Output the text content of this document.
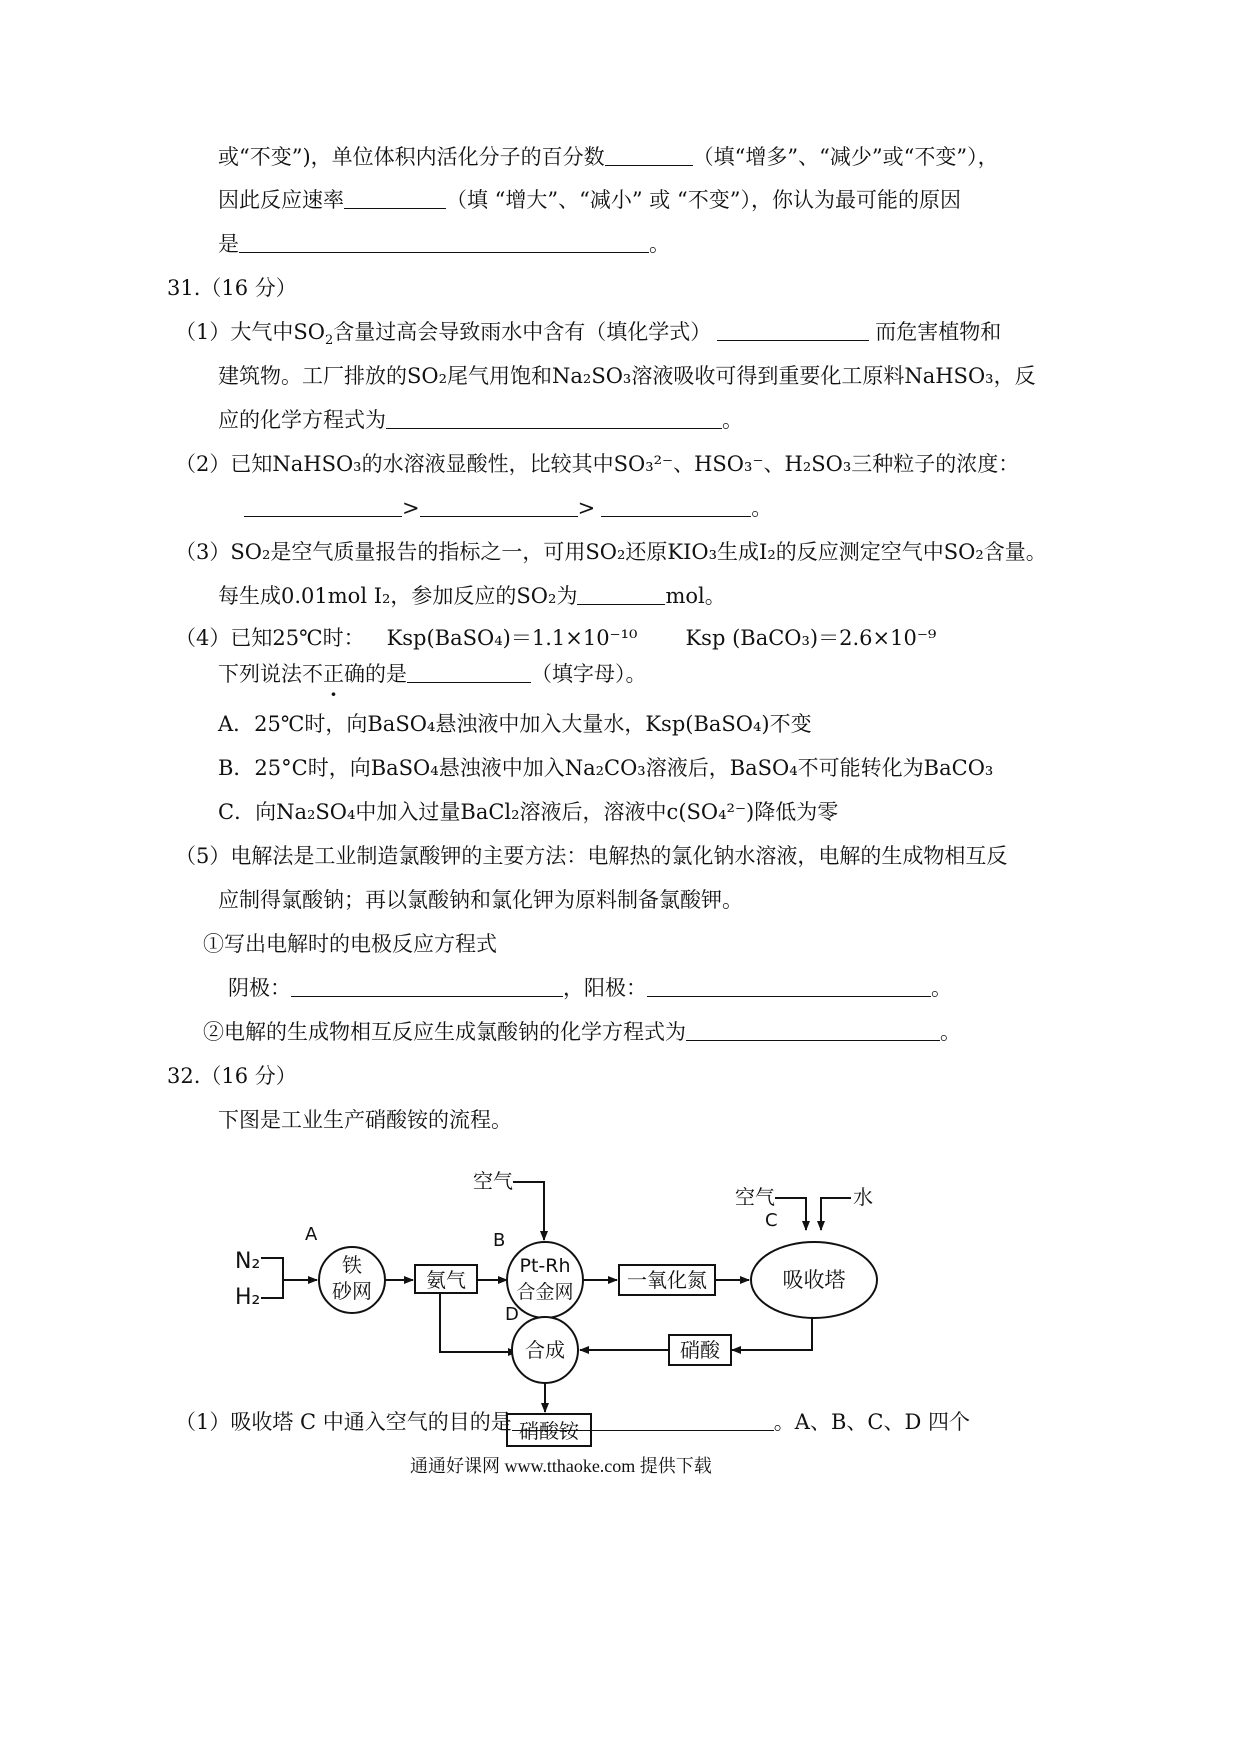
或“不变”)，单位体积内活化分子的百分数	（填“增多”、“减少”或“不变”），
因此反应速率	（填 “增大”、“减小” 或 “不变”），你认为最可能的原因
是	。
31.（16 分）
（1）大气中$SO_2$含量过高会导致雨水中含有（填化学式）	而危害植物和
建筑物。工厂排放的SO₂尾气用饱和Na₂SO₃溶液吸收可得到重要化工原料NaHSO₃，反
应的化学方程式为	。
（2）已知NaHSO₃的水溶液显酸性，比较其中SO₃²⁻、HSO₃⁻、H₂SO₃三种粒子的浓度：
>	>	。
（3）SO₂是空气质量报告的指标之一，可用SO₂还原KIO₃生成I₂的反应测定空气中SO₂含量。
每生成0.01mol I₂，参加反应的SO₂为	mol。
（4）已知25℃时： Ksp(BaSO₄)＝1.1×10⁻¹⁰ Ksp (BaCO₃)＝2.6×10⁻⁹
下列说法不正确的是	（填字母）。
A．25℃时，向BaSO₄悬浊液中加入大量水，Ksp(BaSO₄)不变
B．25°C时，向BaSO₄悬浊液中加入Na₂CO₃溶液后，BaSO₄不可能转化为BaCO₃
C．向Na₂SO₄中加入过量BaCl₂溶液后，溶液中c(SO₄²⁻)降低为零
（5）电解法是工业制造氯酸钾的主要方法：电解热的氯化钠水溶液，电解的生成物相互反
应制得氯酸钠；再以氯酸钠和氯化钾为原料制备氯酸钾。
①写出电解时的电极反应方程式
阴极：	，阳极：	。
②电解的生成物相互反应生成氯酸钠的化学方程式为	。
32.（16 分）
下图是工业生产硝酸铵的流程。
N₂
H₂
A
铁
砂网	氨气
空气
B
Pt-Rh
合金网	一氧化氮
空气	水
C
吸收塔
硝酸
D
合成
硝酸铵
（1）吸收塔 C 中通入空气的目的是	。A、B、C、D 四个
通通好课网 www.tthaoke.com 提供下载
